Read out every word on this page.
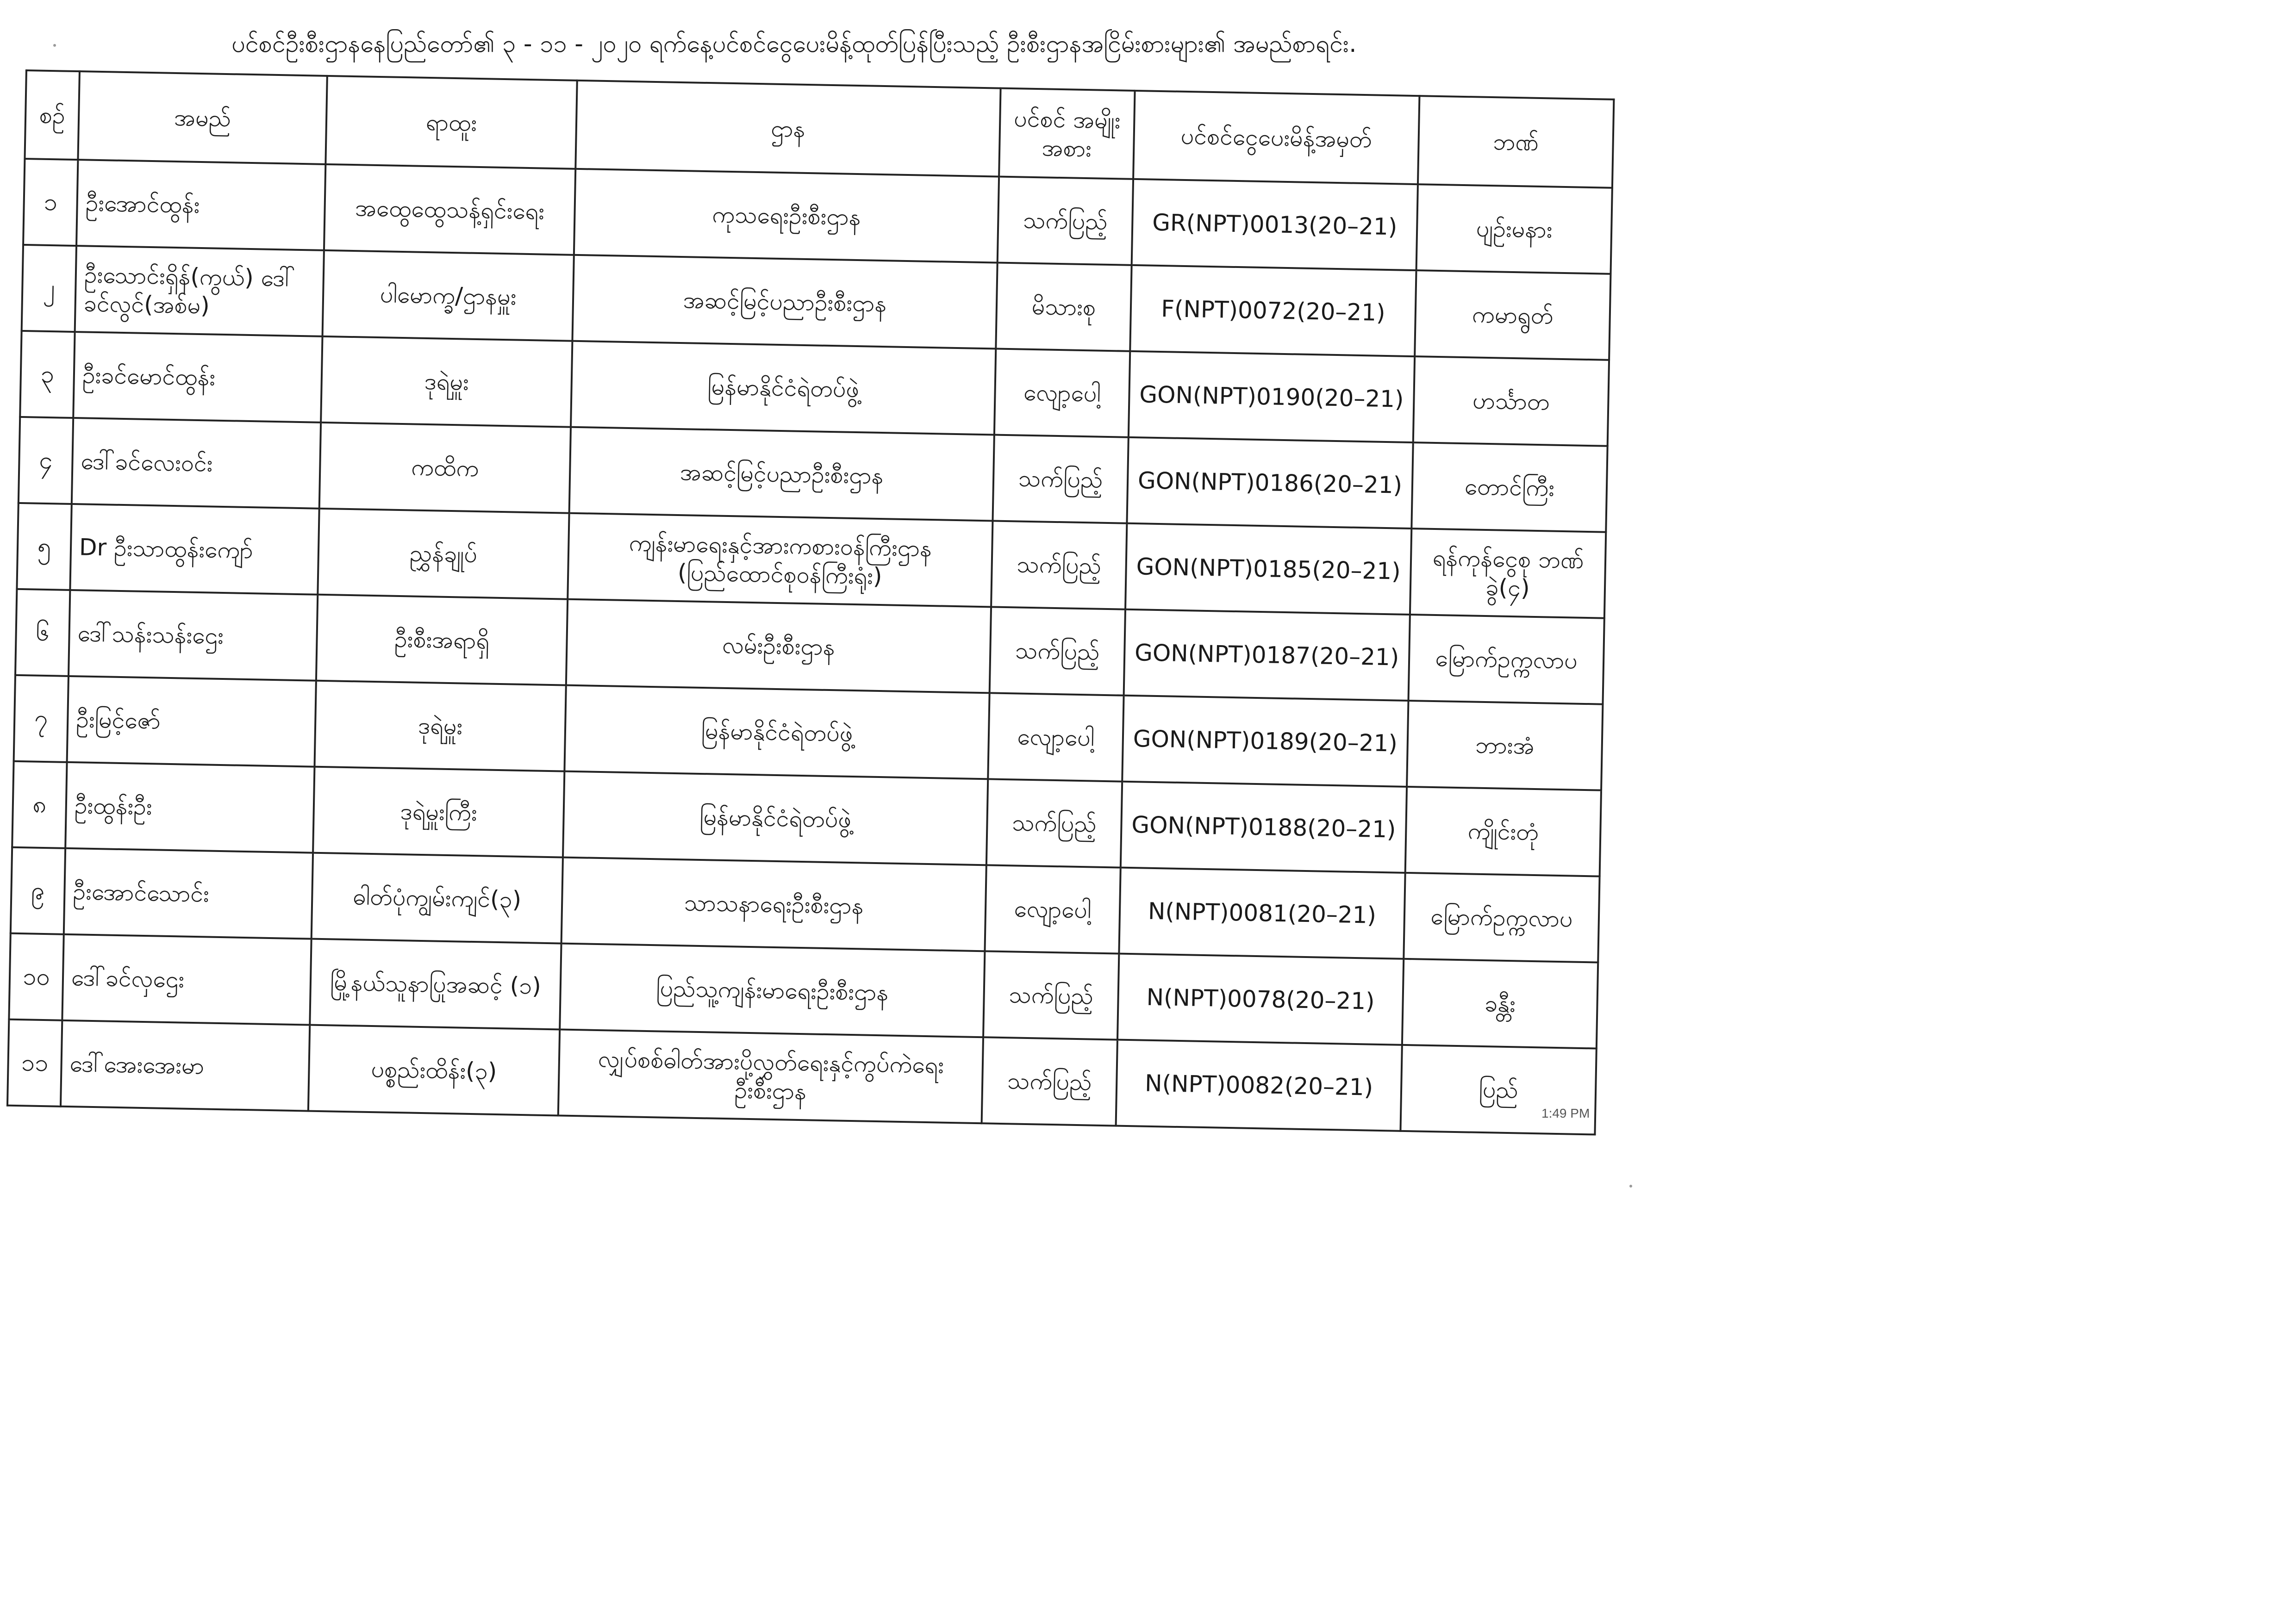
ပင်စင်ဦးစီးဌာနနေပြည်တော်၏ ၃ - ၁၁ - ၂၀၂၀ ရက်နေ့ပင်စင်ငွေပေးမိန့်ထုတ်ပြန်ပြီးသည့် ဦးစီးဌာနအငြိမ်းစားများ၏ အမည်စာရင်း.
စဉ်	အမည်	ရာထူး	ဌာန	ပင်စင် အမျိုးအစား	ပင်စင်ငွေပေးမိန့်အမှတ်	ဘဏ်
၁	ဦးအောင်ထွန်း	အထွေထွေသန့်ရှင်းရေး	ကုသရေးဦးစီးဌာန	သက်ပြည့်	GR(NPT)0013(20–21)	ပျဉ်းမနား
၂	ဦးသောင်းရှိန်(ကွယ်) ဒေါ်ခင်လွင်(အစ်မ)	ပါမောက္ခ/ဌာနမှူး	အဆင့်မြင့်ပညာဦးစီးဌာန	မိသားစု	F(NPT)0072(20–21)	ကမာရွတ်
၃	ဦးခင်မောင်ထွန်း	ဒုရဲမှူး	မြန်မာနိုင်ငံရဲတပ်ဖွဲ့	လျော့ပေါ့	GON(NPT)0190(20–21)	ဟင်္သာတ
၄	ဒေါ်ခင်လေးဝင်း	ကထိက	အဆင့်မြင့်ပညာဦးစီးဌာန	သက်ပြည့်	GON(NPT)0186(20–21)	တောင်ကြီး
၅	Dr ဦးသာထွန်းကျော်	ညွှန်ချုပ်	ကျန်းမာရေးနှင့်အားကစားဝန်ကြီးဌာန (ပြည်ထောင်စုဝန်ကြီးရုံး)	သက်ပြည့်	GON(NPT)0185(20–21)	ရန်ကုန်ငွေစု ဘဏ်ခွဲ(၄)
၆	ဒေါ်သန်းသန်းဌေး	ဦးစီးအရာရှိ	လမ်းဦးစီးဌာန	သက်ပြည့်	GON(NPT)0187(20–21)	မြောက်ဥက္ကလာပ
၇	ဦးမြင့်ဇော်	ဒုရဲမှူး	မြန်မာနိုင်ငံရဲတပ်ဖွဲ့	လျော့ပေါ့	GON(NPT)0189(20–21)	ဘားအံ
၈	ဦးထွန်းဦး	ဒုရဲမှူးကြီး	မြန်မာနိုင်ငံရဲတပ်ဖွဲ့	သက်ပြည့်	GON(NPT)0188(20–21)	ကျိုင်းတုံ
၉	ဦးအောင်သောင်း	ဓါတ်ပုံကျွမ်းကျင်(၃)	သာသနာရေးဦးစီးဌာန	လျော့ပေါ့	N(NPT)0081(20–21)	မြောက်ဥက္ကလာပ
၁၀	ဒေါ်ခင်လှဌေး	မြို့နယ်သူနာပြုအဆင့် (၁)	ပြည်သူ့ကျန်းမာရေးဦးစီးဌာန	သက်ပြည့်	N(NPT)0078(20–21)	ခန္တီး
၁၁	ဒေါ်အေးအေးမာ	ပစ္စည်းထိန်း(၃)	လျှပ်စစ်ဓါတ်အားပို့လွှတ်ရေးနှင့်ကွပ်ကဲရေး ဦးစီးဌာန	သက်ပြည့်	N(NPT)0082(20–21)	ပြည်
1:49 PM
